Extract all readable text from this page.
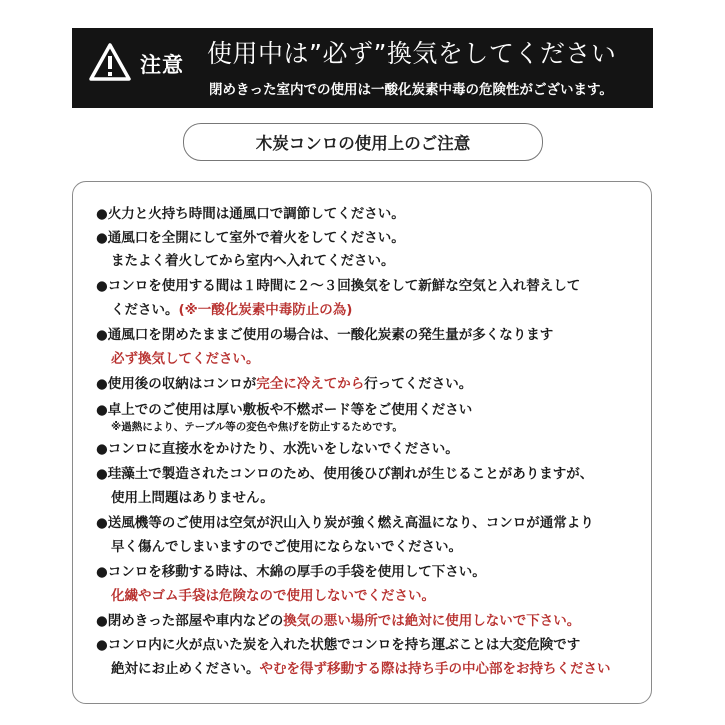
注意 使用中は”必ず”換気をしてください
閉めきった室内での使用は一酸化炭素中毒の危険性がございます。
木炭コンロの使用上のご注意
●火力と火持ち時間は通風口で調節してください。
●通風口を全開にして室外で着火をしてください。
またよく着火してから室内へ入れてください。
●コンロを使用する間は１時間に２〜３回換気をして新鮮な空気と入れ替えして
ください。(※一酸化炭素中毒防止の為)
●通風口を閉めたままご使用の場合は、一酸化炭素の発生量が多くなります
必ず換気してください。
●使用後の収納はコンロが完全に冷えてから行ってください。
●卓上でのご使用は厚い敷板や不燃ボード等をご使用ください
※過熱により、テーブル等の変色や焦げを防止するためです。
●コンロに直接水をかけたり、水洗いをしないでください。
●珪藻土で製造されたコンロのため、使用後ひび割れが生じることがありますが、
使用上問題はありません。
●送風機等のご使用は空気が沢山入り炭が強く燃え高温になり、コンロが通常より
早く傷んでしまいますのでご使用にならないでください。
●コンロを移動する時は、木綿の厚手の手袋を使用して下さい。
化繊やゴム手袋は危険なので使用しないでください。
●閉めきった部屋や車内などの換気の悪い場所では絶対に使用しないで下さい。
●コンロ内に火が点いた炭を入れた状態でコンロを持ち運ぶことは大変危険です
絶対にお止めください。やむを得ず移動する際は持ち手の中心部をお持ちください
